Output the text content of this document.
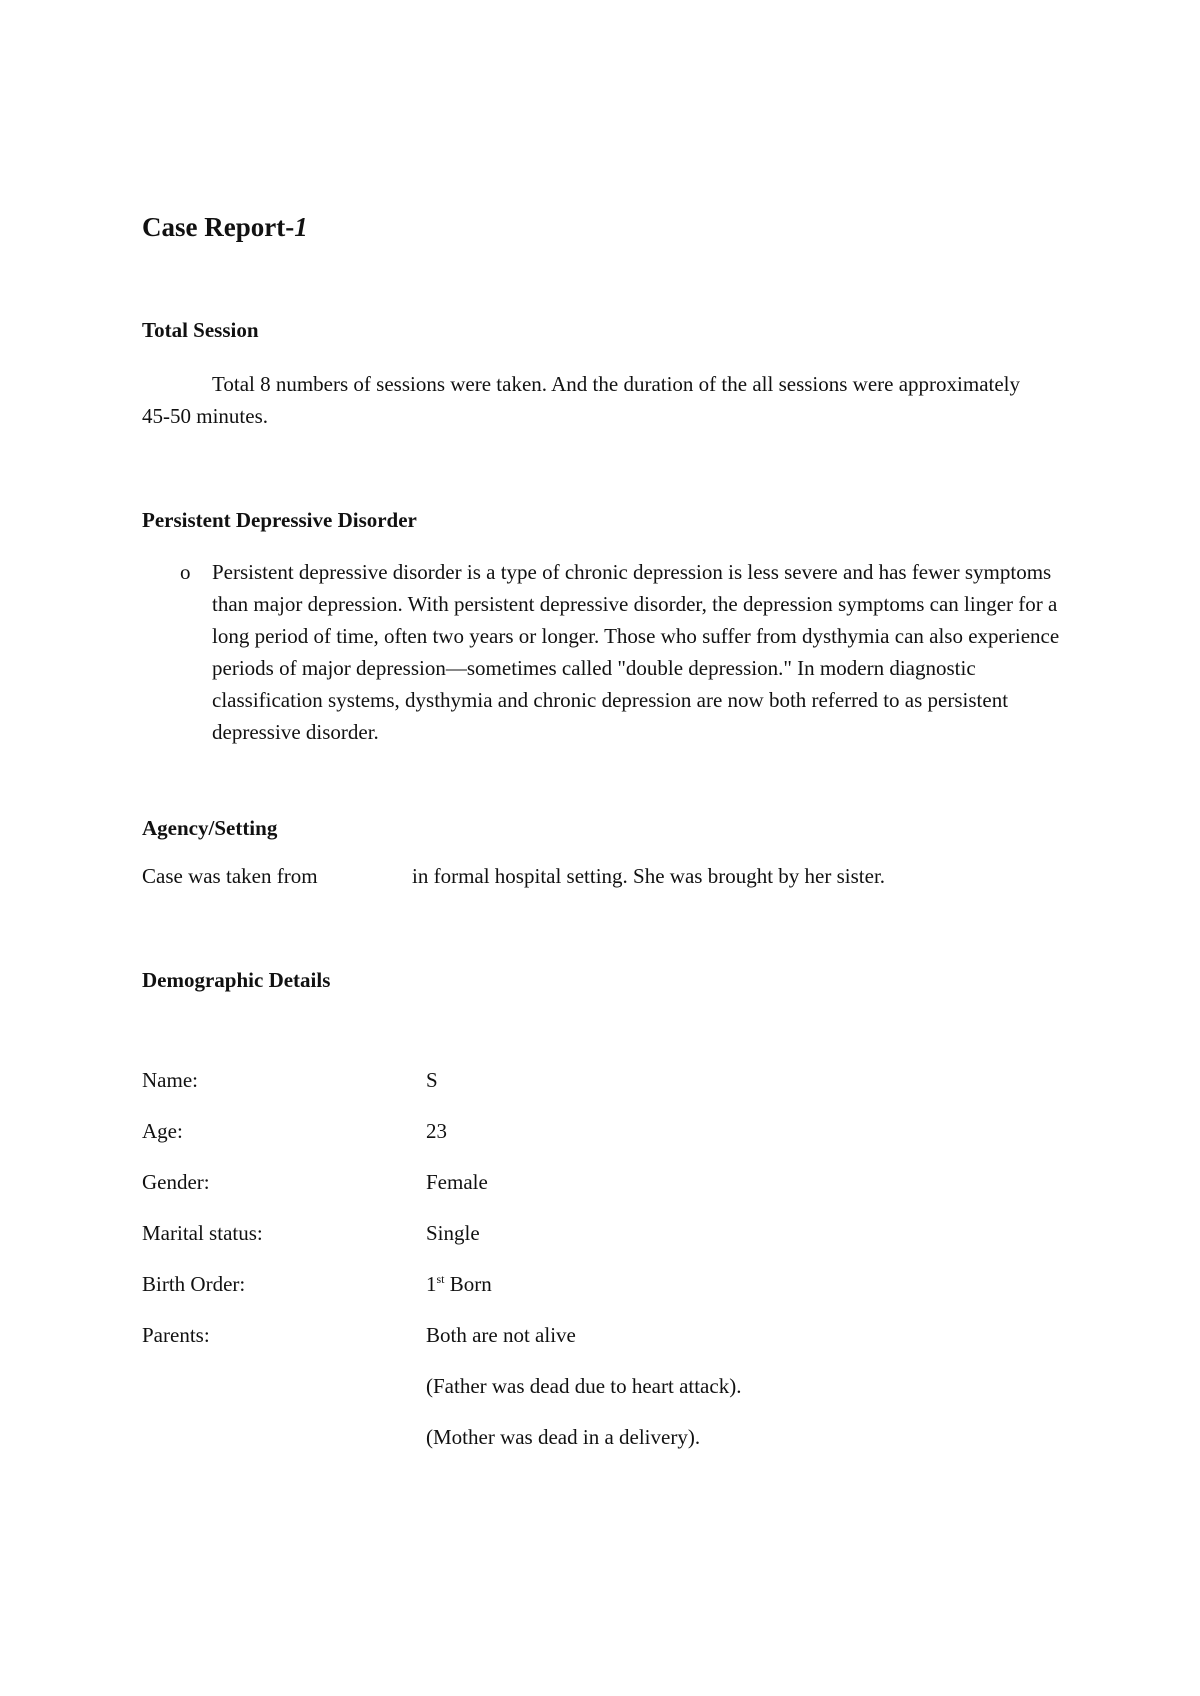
Case Report-1
Total Session

Total 8 numbers of sessions were taken. And the duration of the all sessions were approximately 45-50 minutes.

Persistent Depressive Disorder
o	Persistent depressive disorder is a type of chronic depression is less severe and has fewer symptoms than major depression. With persistent depressive disorder, the depression symptoms can linger for a long period of time, often two years or longer. Those who suffer from dysthymia can also experience periods of major depression—sometimes called "double depression." In modern diagnostic classification systems, dysthymia and chronic depression are now both referred to as persistent depressive disorder.

Agency/Setting
Case was taken from	in formal hospital setting. She was brought by her sister.
Demographic Details
Name:	S
Age:	23
Gender:	Female
Marital status:	Single
Birth Order:	1st Born
Parents:	Both are not alive
(Father was dead due to heart attack).
(Mother was dead in a delivery).
